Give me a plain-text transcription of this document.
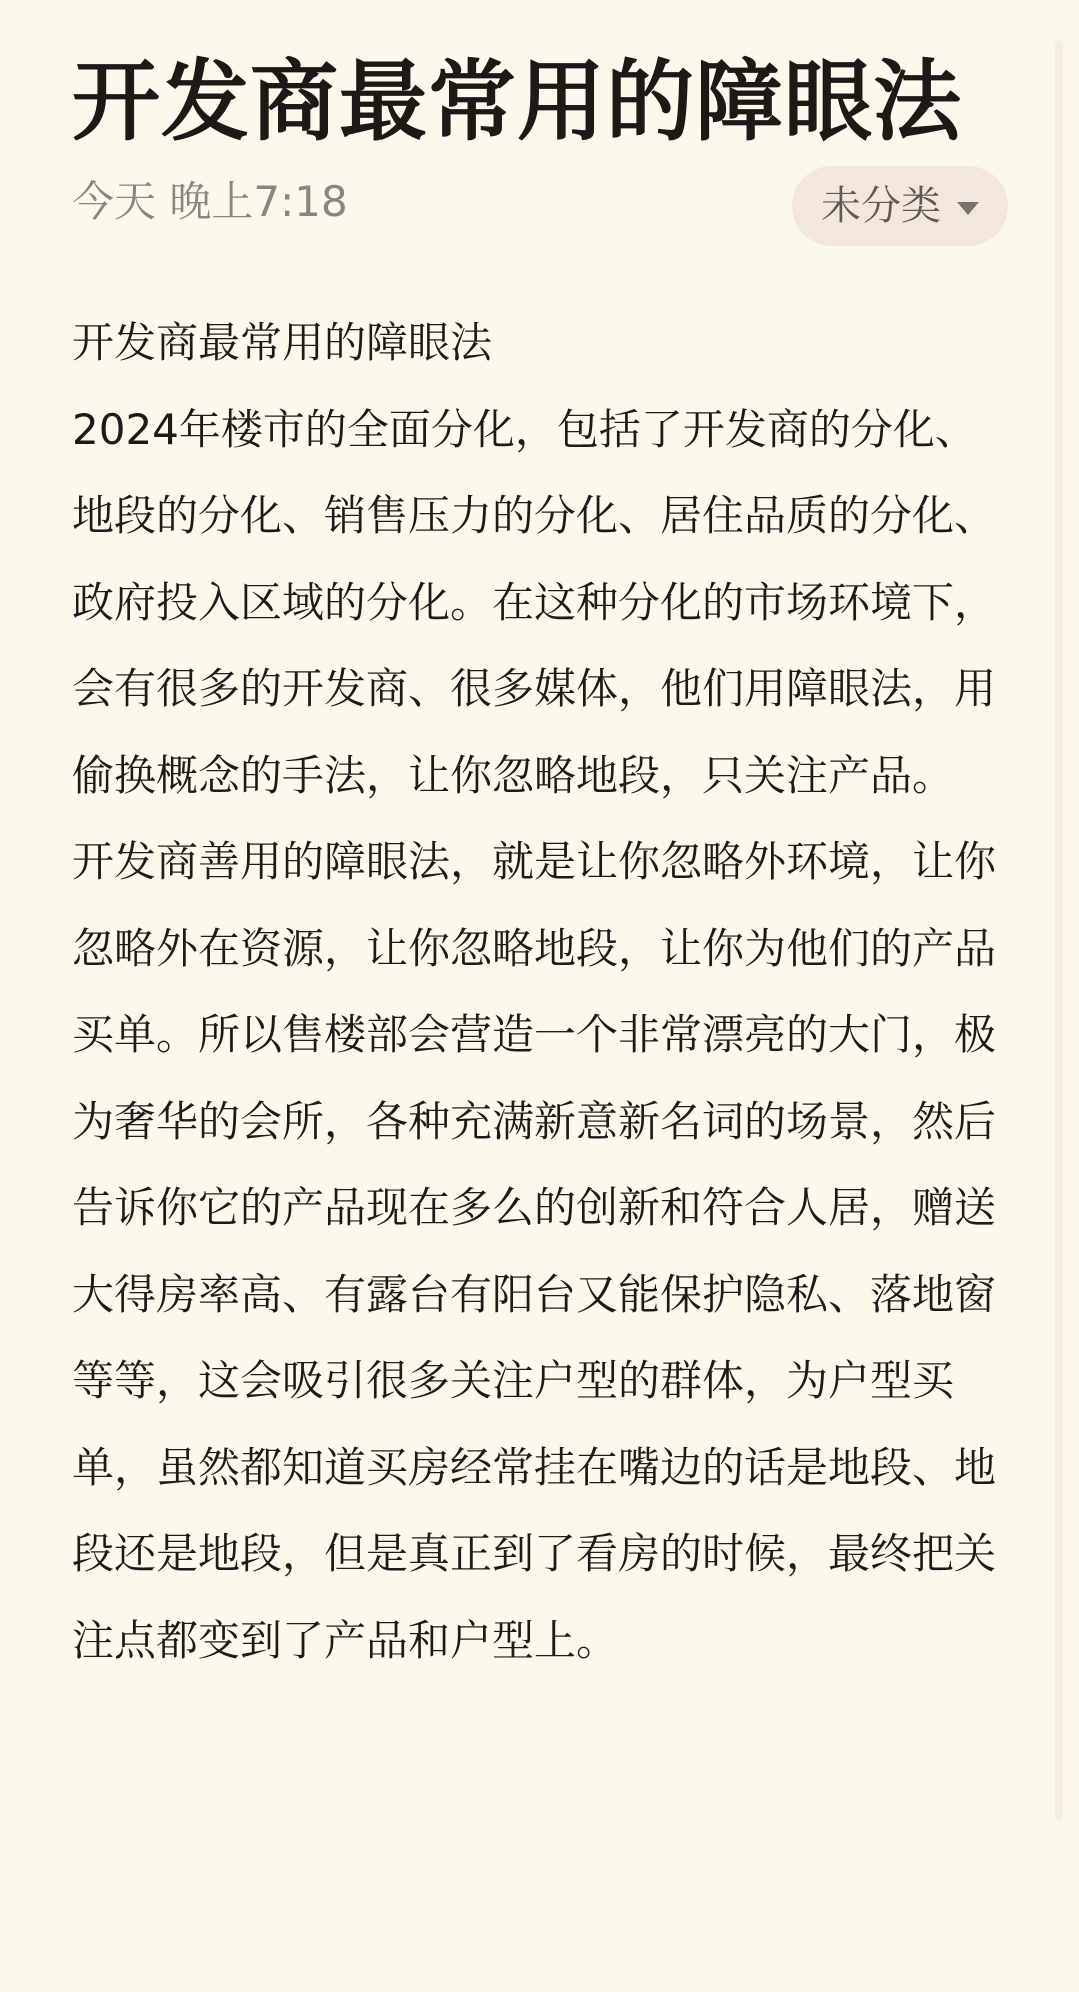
开发商最常用的障眼法
今天 晚上7:18	未分类

开发商最常用的障眼法

2024年楼市的全面分化，包括了开发商的分化、地段的分化、销售压力的分化、居住品质的分化、政府投入区域的分化。在这种分化的市场环境下，会有很多的开发商、很多媒体，他们用障眼法，用偷换概念的手法，让你忽略地段，只关注产品。

开发商善用的障眼法，就是让你忽略外环境，让你忽略外在资源，让你忽略地段，让你为他们的产品买单。所以售楼部会营造一个非常漂亮的大门，极为奢华的会所，各种充满新意新名词的场景，然后告诉你它的产品现在多么的创新和符合人居，赠送大得房率高、有露台有阳台又能保护隐私、落地窗等等，这会吸引很多关注户型的群体，为户型买单，虽然都知道买房经常挂在嘴边的话是地段、地段还是地段，但是真正到了看房的时候，最终把关注点都变到了产品和户型上。
